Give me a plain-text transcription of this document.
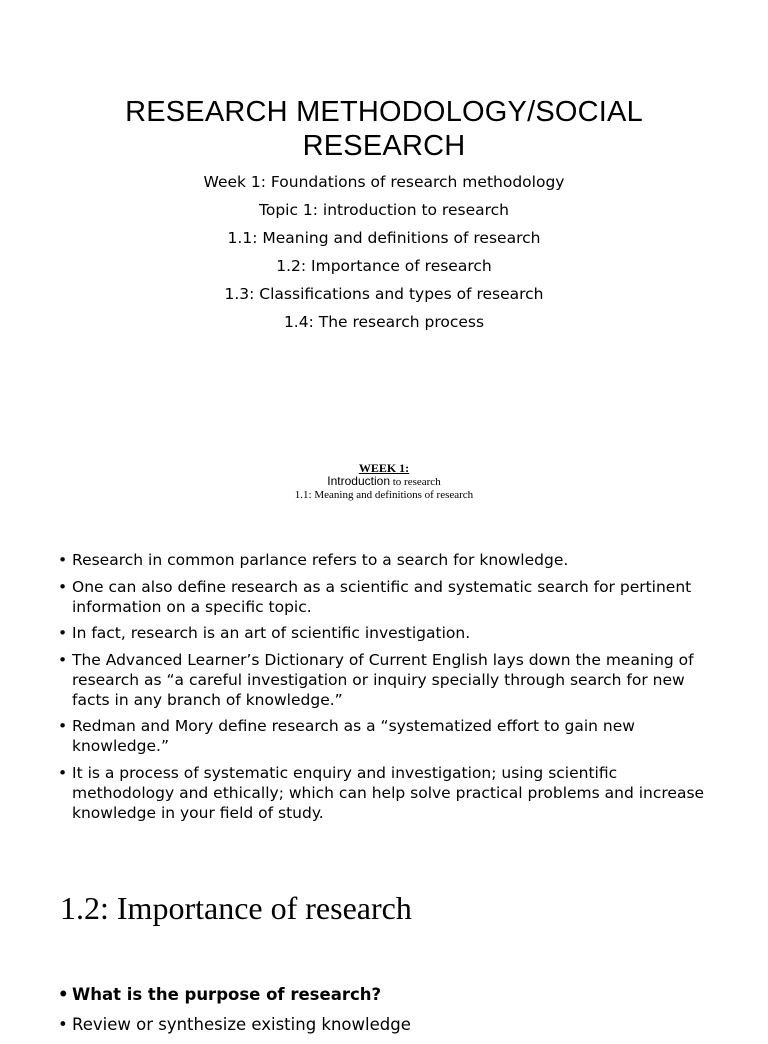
RESEARCH METHODOLOGY/SOCIAL RESEARCH
Week 1: Foundations of research methodology
Topic 1: introduction to research
1.1: Meaning and definitions of research
1.2: Importance of research
1.3: Classifications and types of research
1.4: The research process
WEEK 1:
Introduction to research
1.1: Meaning and definitions of research
• Research in common parlance refers to a search for knowledge.
• One can also define research as a scientific and systematic search for pertinent information on a specific topic.
• In fact, research is an art of scientific investigation.
• The Advanced Learner’s Dictionary of Current English lays down the meaning of research as “a careful investigation or inquiry specially through search for new facts in any branch of knowledge.”
• Redman and Mory define research as a “systematized effort to gain new knowledge.”
• It is a process of systematic enquiry and investigation; using scientific methodology and ethically; which can help solve practical problems and increase knowledge in your field of study.
1.2: Importance of research
• What is the purpose of research?
• Review or synthesize existing knowledge
